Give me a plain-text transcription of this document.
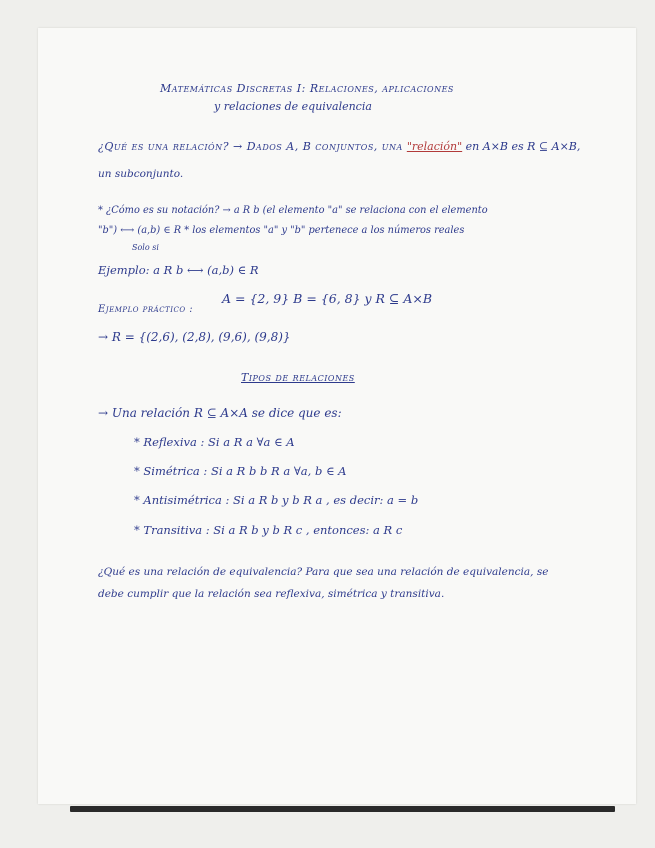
Matemáticas Discretas I: Relaciones, aplicaciones
y relaciones de equivalencia
¿Qué es una relación? → Dados A, B conjuntos, una "relación" en A×B es R ⊆ A×B,
un subconjunto.
* ¿Cómo es su notación? → a R b (el elemento "a" se relaciona con el elemento
"b") ⟷ (a,b) ∈ R * los elementos "a" y "b" pertenece a los números reales
Solo si
Ejemplo: a R b ⟷ (a,b) ∈ R
Ejemplo práctico :
A = {2, 9} B = {6, 8} y R ⊆ A×B
→ R = {(2,6), (2,8), (9,6), (9,8)}
Tipos de relaciones
→ Una relación R ⊆ A×A se dice que es:
* Reflexiva : Si a R a ∀a ∈ A
* Simétrica : Si a R b b R a ∀a, b ∈ A
* Antisimétrica : Si a R b y b R a , es decir: a = b
* Transitiva : Si a R b y b R c , entonces: a R c
¿Qué es una relación de equivalencia? Para que sea una relación de equivalencia, se
debe cumplir que la relación sea reflexiva, simétrica y transitiva.
